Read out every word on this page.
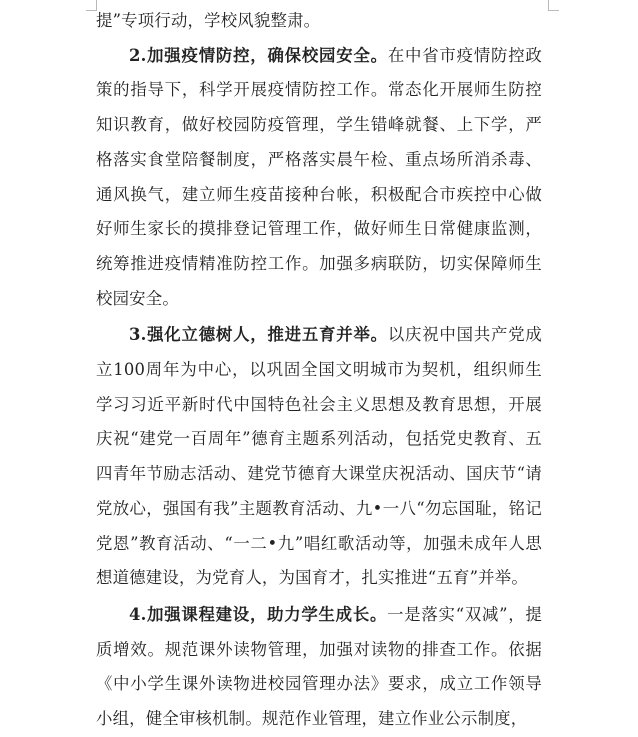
提”专项行动，学校风貌整肃。

2.加强疫情防控，确保校园安全。在中省市疫情防控政策的指导下，科学开展疫情防控工作。常态化开展师生防控知识教育，做好校园防疫管理，学生错峰就餐、上下学，严格落实食堂陪餐制度，严格落实晨午检、重点场所消杀毒、通风换气，建立师生疫苗接种台帐，积极配合市疾控中心做好师生家长的摸排登记管理工作，做好师生日常健康监测，统筹推进疫情精准防控工作。加强多病联防，切实保障师生校园安全。

3.强化立德树人，推进五育并举。以庆祝中国共产党成立100周年为中心，以巩固全国文明城市为契机，组织师生学习习近平新时代中国特色社会主义思想及教育思想，开展庆祝“建党一百周年”德育主题系列活动，包括党史教育、五四青年节励志活动、建党节德育大课堂庆祝活动、国庆节“请党放心，强国有我”主题教育活动、九•一八“勿忘国耻，铭记党恩”教育活动、“一二•九”唱红歌活动等，加强未成年人思想道德建设，为党育人，为国育才，扎实推进“五育”并举。

4.加强课程建设，助力学生成长。一是落实“双减”，提质增效。规范课外读物管理，加强对读物的排查工作。依据《中小学生课外读物进校园管理办法》要求，成立工作领导小组，健全审核机制。规范作业管理，建立作业公示制度，
